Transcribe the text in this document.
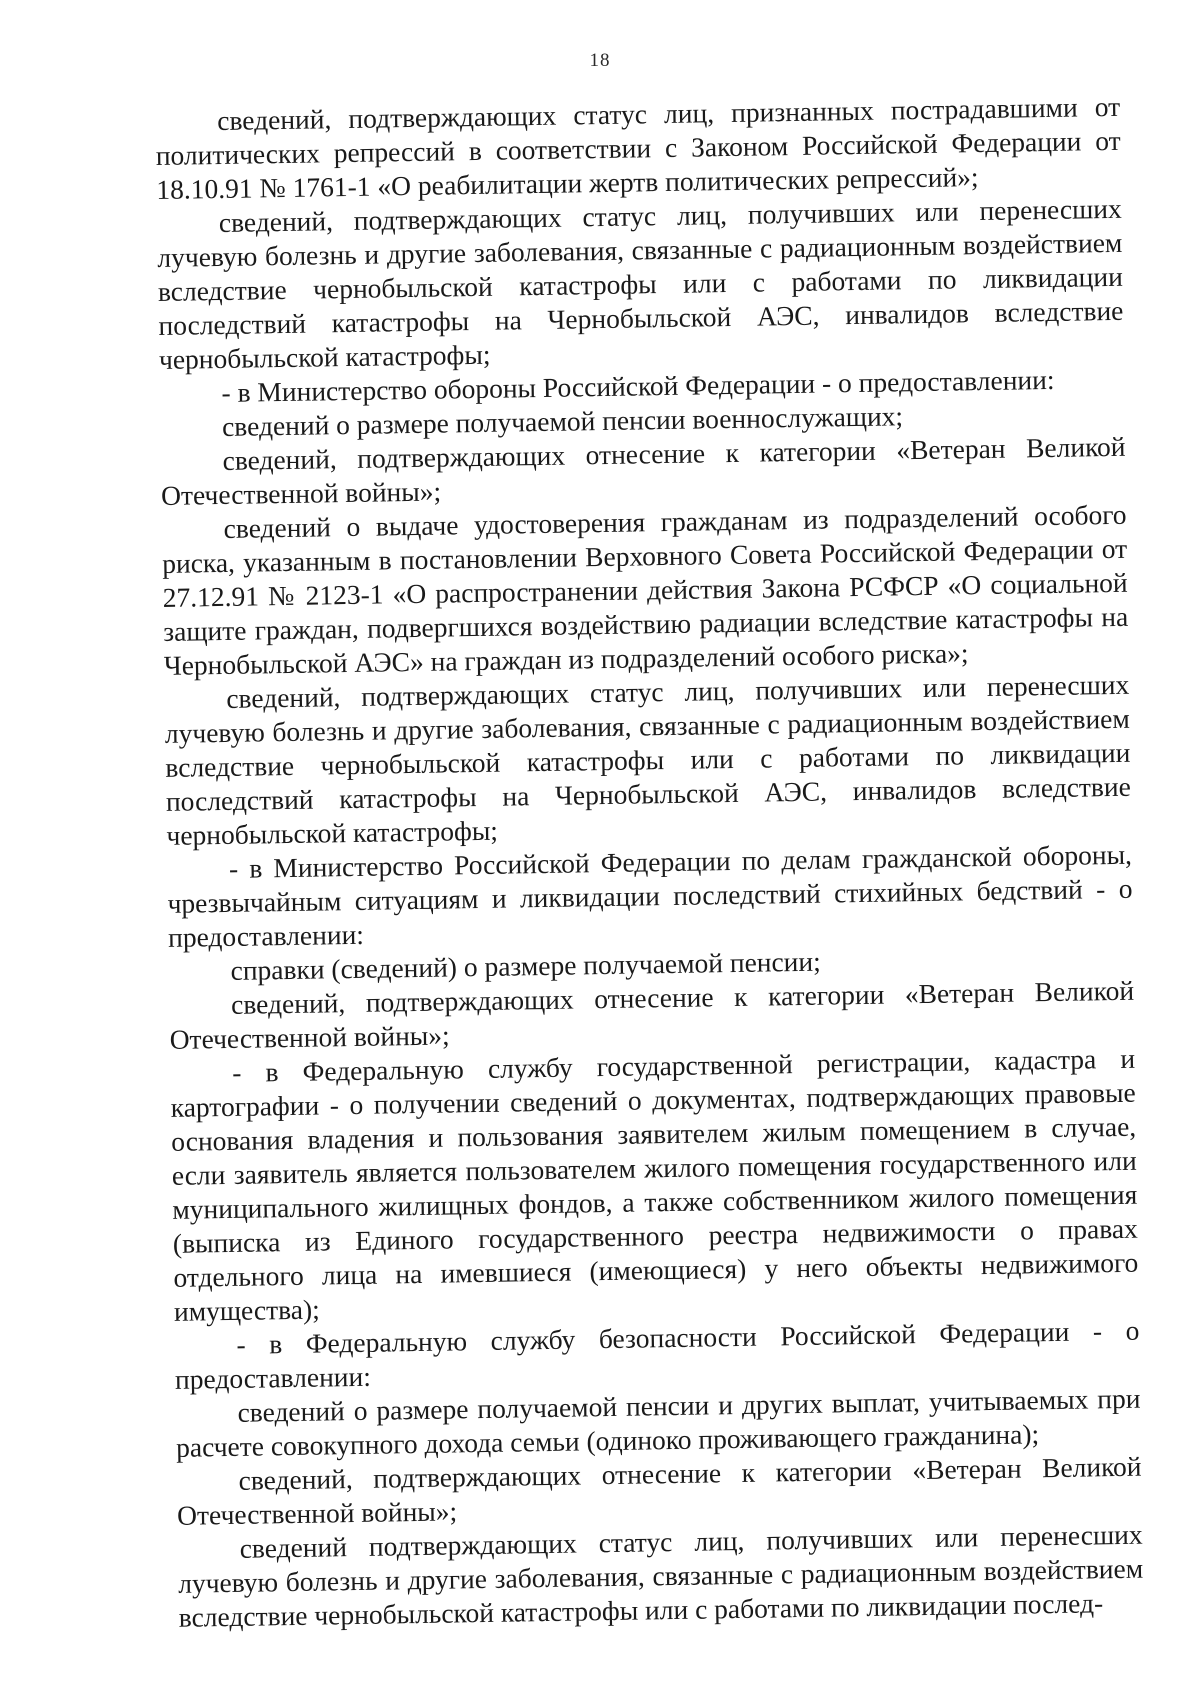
18

сведений, подтверждающих статус лиц, признанных пострадавшими от политических репрессий в соответствии с Законом Российской Федерации от 18.10.91 № 1761-1 «О реабилитации жертв политических репрессий»;

сведений, подтверждающих статус лиц, получивших или перенесших лучевую болезнь и другие заболевания, связанные с радиационным воздействием вследствие чернобыльской катастрофы или с работами по ликвидации последствий катастрофы на Чернобыльской АЭС, инвалидов вследствие чернобыльской катастрофы;

- в Министерство обороны Российской Федерации - о предоставлении:

сведений о размере получаемой пенсии военнослужащих;

сведений, подтверждающих отнесение к категории «Ветеран Великой Отечественной войны»;

сведений о выдаче удостоверения гражданам из подразделений особого риска, указанным в постановлении Верховного Совета Российской Федерации от 27.12.91 № 2123-1 «О распространении действия Закона РСФСР «О социальной защите граждан, подвергшихся воздействию радиации вследствие катастрофы на Чернобыльской АЭС» на граждан из подразделений особого риска»;

сведений, подтверждающих статус лиц, получивших или перенесших лучевую болезнь и другие заболевания, связанные с радиационным воздействием вследствие чернобыльской катастрофы или с работами по ликвидации последствий катастрофы на Чернобыльской АЭС, инвалидов вследствие чернобыльской катастрофы;

- в Министерство Российской Федерации по делам гражданской обороны, чрезвычайным ситуациям и ликвидации последствий стихийных бедствий - о предоставлении:

справки (сведений) о размере получаемой пенсии;

сведений, подтверждающих отнесение к категории «Ветеран Великой Отечественной войны»;

- в Федеральную службу государственной регистрации, кадастра и картографии - о получении сведений о документах, подтверждающих правовые основания владения и пользования заявителем жилым помещением в случае, если заявитель является пользователем жилого помещения государственного или муниципального жилищных фондов, а также собственником жилого помещения (выписка из Единого государственного реестра недвижимости о правах отдельного лица на имевшиеся (имеющиеся) у него объекты недвижимого имущества);

- в Федеральную службу безопасности Российской Федерации - о предоставлении:

сведений о размере получаемой пенсии и других выплат, учитываемых при расчете совокупного дохода семьи (одиноко проживающего гражданина);

сведений, подтверждающих отнесение к категории «Ветеран Великой Отечественной войны»;

сведений подтверждающих статус лиц, получивших или перенесших лучевую болезнь и другие заболевания, связанные с радиационным воздействием вследствие чернобыльской катастрофы или с работами по ликвидации послед-
